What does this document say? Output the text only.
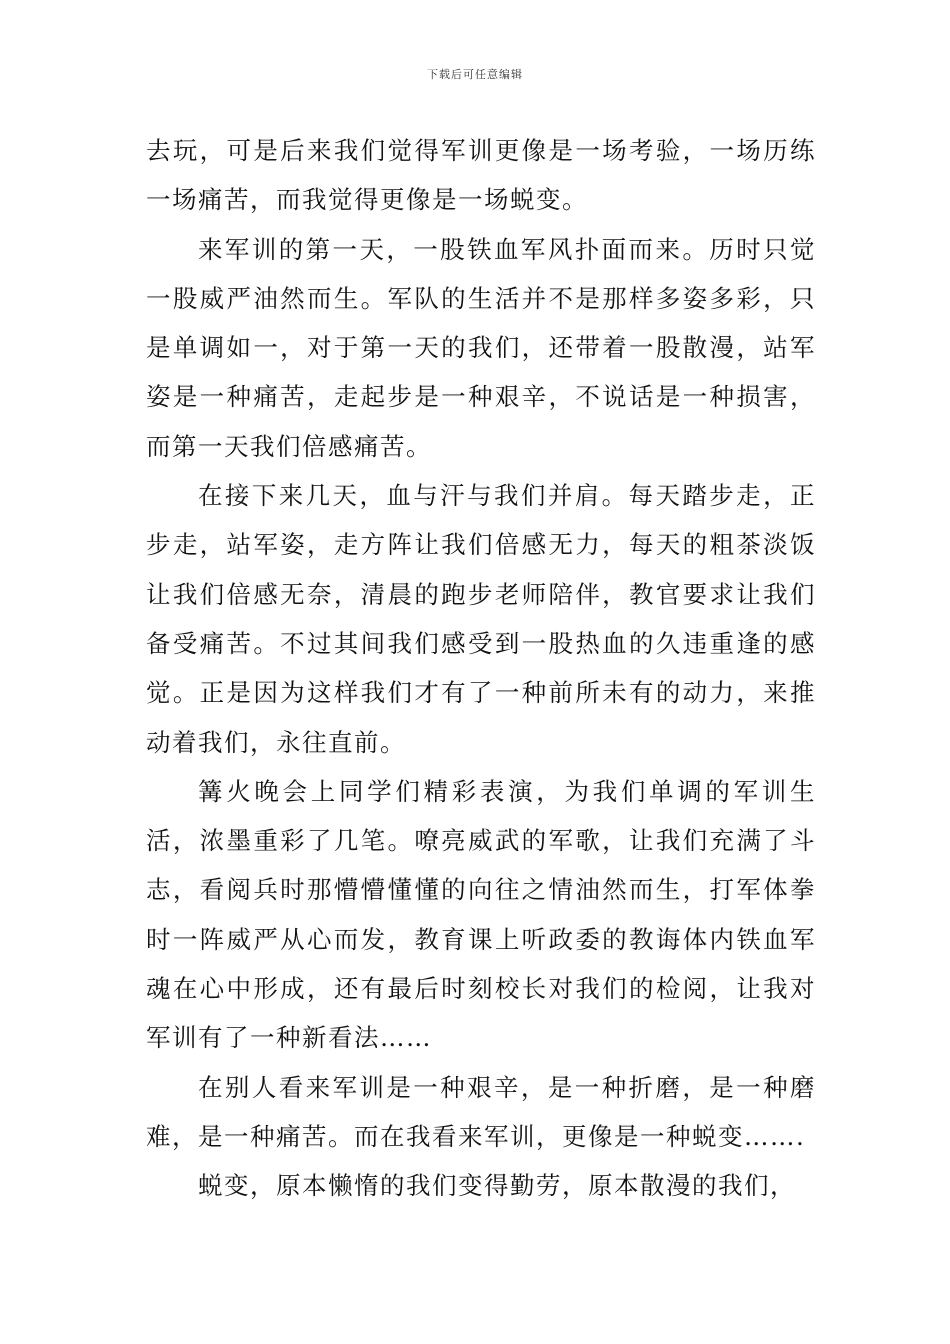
下载后可任意编辑

去玩，可是后来我们觉得军训更像是一场考验，一场历练一场痛苦，而我觉得更像是一场蜕变。

来军训的第一天，一股铁血军风扑面而来。历时只觉一股威严油然而生。军队的生活并不是那样多姿多彩，只是单调如一，对于第一天的我们，还带着一股散漫，站军姿是一种痛苦，走起步是一种艰辛，不说话是一种损害，而第一天我们倍感痛苦。

在接下来几天，血与汗与我们并肩。每天踏步走，正步走，站军姿，走方阵让我们倍感无力，每天的粗茶淡饭让我们倍感无奈，清晨的跑步老师陪伴，教官要求让我们备受痛苦。不过其间我们感受到一股热血的久违重逢的感觉。正是因为这样我们才有了一种前所未有的动力，来推动着我们，永往直前。

篝火晚会上同学们精彩表演，为我们单调的军训生活，浓墨重彩了几笔。嘹亮威武的军歌，让我们充满了斗志，看阅兵时那懵懵懂懂的向往之情油然而生，打军体拳时一阵威严从心而发，教育课上听政委的教诲体内铁血军魂在心中形成，还有最后时刻校长对我们的检阅，让我对军训有了一种新看法……

在别人看来军训是一种艰辛，是一种折磨，是一种磨难，是一种痛苦。而在我看来军训，更像是一种蜕变…….

蜕变，原本懒惰的我们变得勤劳，原本散漫的我们，
